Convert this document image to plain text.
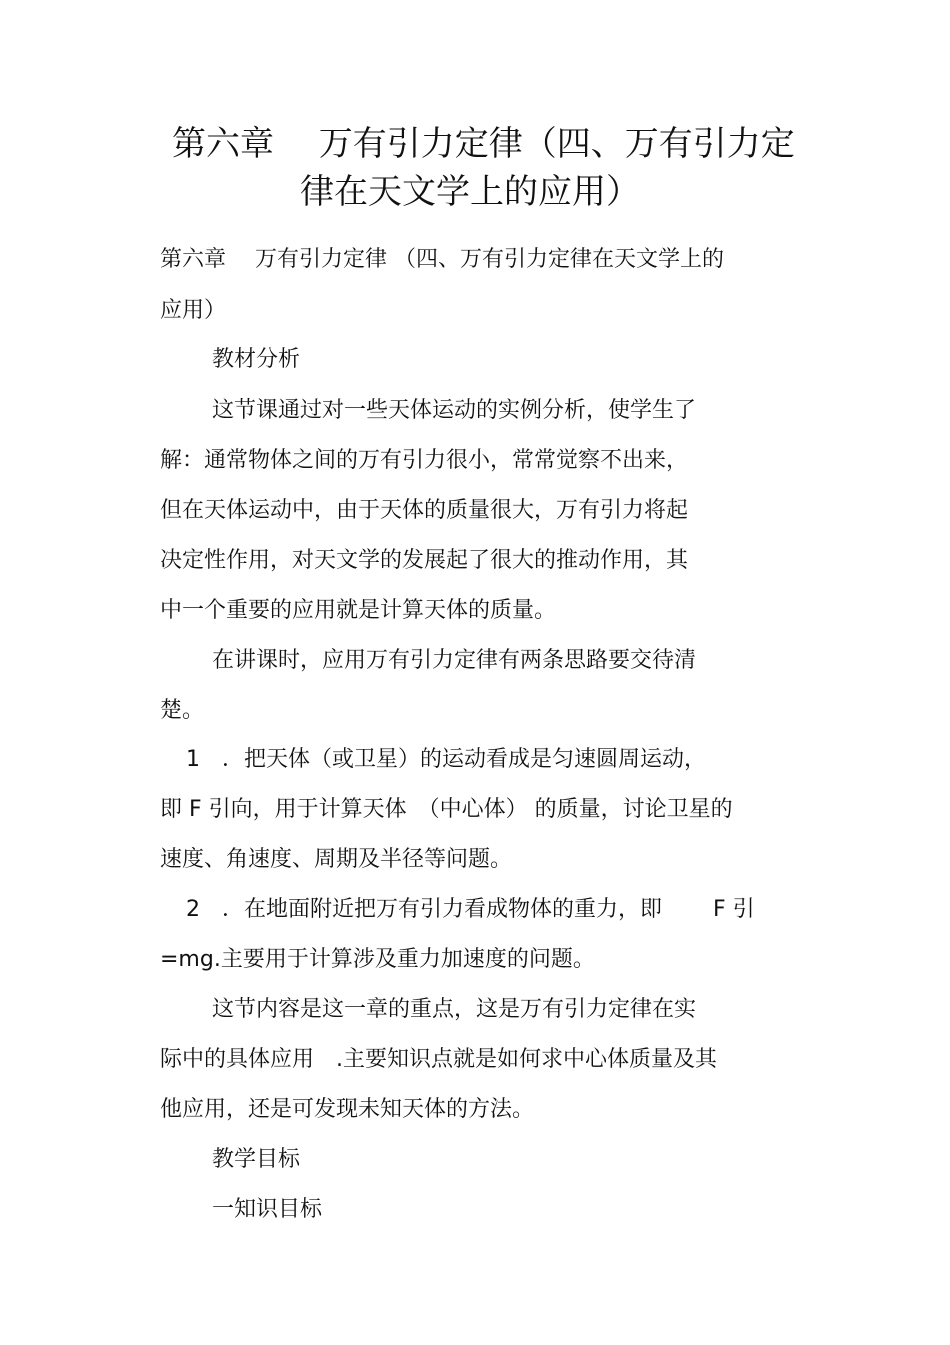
第六章　 万有引力定律（四、万有引力定
律在天文学上的应用）
第六章　 万有引力定律 （四、万有引力定律在天文学上的
应用）
教材分析
这节课通过对一些天体运动的实例分析，使学生了
解：通常物体之间的万有引力很小，常常觉察不出来，
但在天体运动中，由于天体的质量很大，万有引力将起
决定性作用，对天文学的发展起了很大的推动作用，其
中一个重要的应用就是计算天体的质量。
在讲课时，应用万有引力定律有两条思路要交待清
楚。
1　．把天体（或卫星）的运动看成是匀速圆周运动，
即 F 引向，用于计算天体　（中心体） 的质量，讨论卫星的
速度、角速度、周期及半径等问题。
2　．在地面附近把万有引力看成物体的重力，即　　 F 引
=mg.主要用于计算涉及重力加速度的问题。
这节内容是这一章的重点，这是万有引力定律在实
际中的具体应用　.主要知识点就是如何求中心体质量及其
他应用，还是可发现未知天体的方法。
教学目标
一知识目标
